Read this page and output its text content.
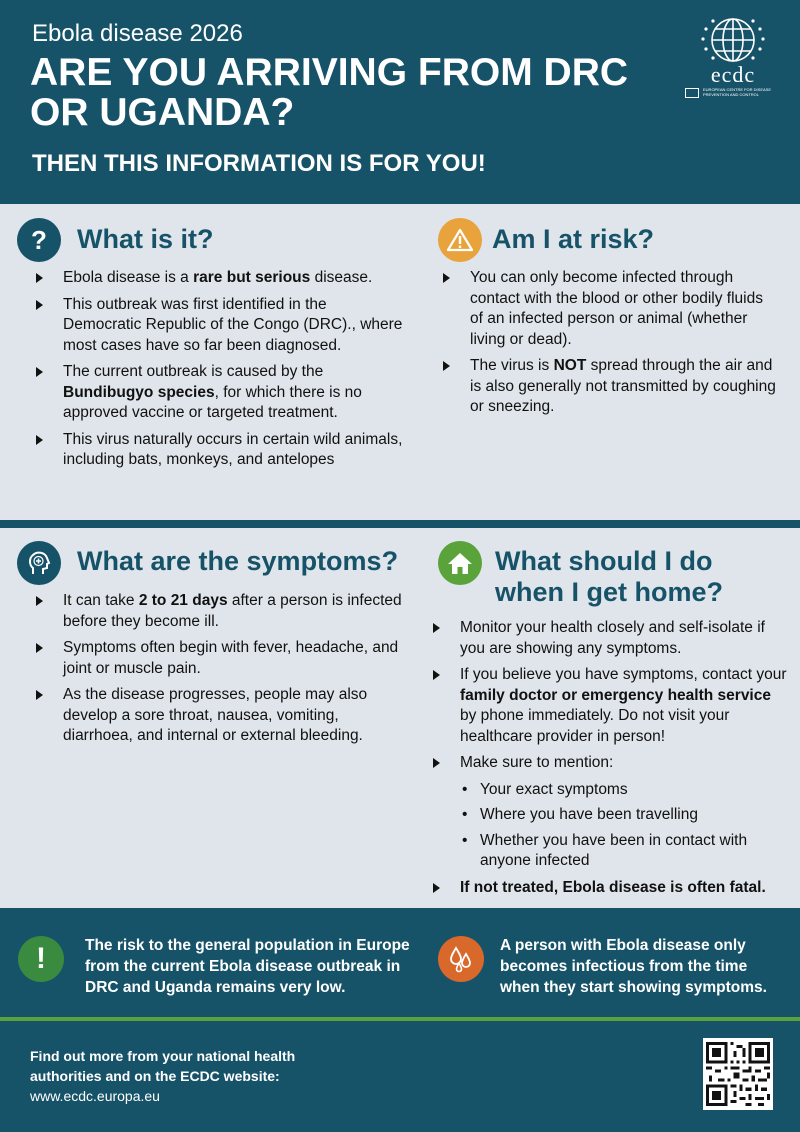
Ebola disease 2026
ARE YOU ARRIVING FROM DRC OR UGANDA?
THEN THIS INFORMATION IS FOR YOU!
ecdc
EUROPEAN CENTRE FOR DISEASE PREVENTION AND CONTROL
? What is it?
Ebola disease is a rare but serious disease.
This outbreak was first identified in the Democratic Republic of the Congo (DRC)., where most cases have so far been diagnosed.
The current outbreak is caused by the Bundibugyo species, for which there is no approved vaccine or targeted treatment.
This virus naturally occurs in certain wild animals, including bats, monkeys, and antelopes
Am I at risk?
You can only become infected through contact with the blood or other bodily fluids of an infected person or animal (whether living or dead).
The virus is NOT spread through the air and is also generally not transmitted by coughing or sneezing.
What are the symptoms?
It can take 2 to 21 days after a person is infected before they become ill.
Symptoms often begin with fever, headache, and joint or muscle pain.
As the disease progresses, people may also develop a sore throat, nausea, vomiting, diarrhoea, and internal or external bleeding.
What should I do
when I get home?
Monitor your health closely and self-isolate if you are showing any symptoms.
If you believe you have symptoms, contact your family doctor or emergency health service by phone immediately. Do not visit your healthcare provider in person!
Make sure to mention:
• Your exact symptoms
• Where you have been travelling
• Whether you have been in contact with anyone infected
If not treated, Ebola disease is often fatal.
!	The risk to the general population in Europe from the current Ebola disease outbreak in DRC and Uganda remains very low.
A person with Ebola disease only becomes infectious from the time when they start showing symptoms.
Find out more from your national health authorities and on the ECDC website:
www.ecdc.europa.eu
